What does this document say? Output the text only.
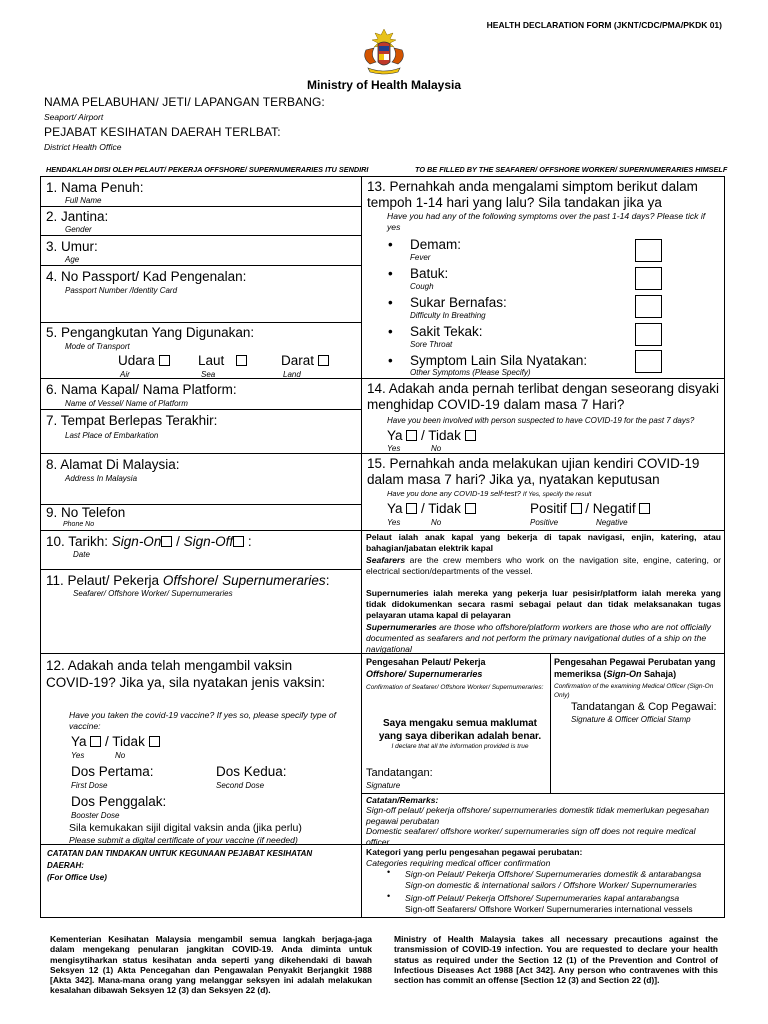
HEALTH DECLARATION FORM (JKNT/CDC/PMA/PKDK 01)
Ministry of Health Malaysia
NAMA PELABUHAN/ JETI/ LAPANGAN TERBANG:
Seaport/ Airport
PEJABAT KESIHATAN DAERAH TERLBAT:
District Health Office
HENDAKLAH DIISI OLEH PELAUT/ PEKERJA OFFSHORE/ SUPERNUMERARIES ITU SENDIRI	TO BE FILLED BY THE SEAFARER/ OFFSHORE WORKER/ SUPERNUMERARIES HIMSELF
1. Nama Penuh:
Full Name
2. Jantina:
Gender
3. Umur:
Age
4. No Passport/ Kad Pengenalan:
Passport Number /Identity Card
5. Pengangkutan Yang Digunakan:
Mode of Transport
Udara
Air
Laut
Sea
Darat
Land
6. Nama Kapal/ Nama Platform:
Name of Vessel/ Name of Platform
7. Tempat Berlepas Terakhir:
Last Place of Embarkation
8. Alamat Di Malaysia:
Address In Malaysia
9. No Telefon
Phone No
10. Tarikh: Sign-On / Sign-Off :
Date
11. Pelaut/ Pekerja Offshore/ Supernumeraries:
Seafarer/ Offshore Worker/ Supernumeraries
12. Adakah anda telah mengambil vaksin COVID-19? Jika ya, sila nyatakan jenis vaksin:
Have you taken the covid-19 vaccine? If yes so, please specify type of vaccine:
Ya / Tidak
Yes	No
Dos Pertama:
First Dose
Dos Kedua:
Second Dose
Dos Penggalak:
Booster Dose
Sila kemukakan sijil digital vaksin anda (jika perlu)
Please submit a digital certificate of your vaccine (if needed)
CATATAN DAN TINDAKAN UNTUK KEGUNAAN PEJABAT KESIHATAN DAERAH:
(For Office Use)
13. Pernahkah anda mengalami simptom berikut dalam tempoh 1-14 hari yang lalu? Sila tandakan jika ya
Have you had any of the following symptoms over the past 1-14 days? Please tick if yes
• Demam:
Fever
• Batuk:
Cough
• Sukar Bernafas:
Difficulty In Breathing
• Sakit Tekak:
Sore Throat
• Symptom Lain Sila Nyatakan:
Other Symptoms (Please Specify)
14. Adakah anda pernah terlibat dengan seseorang disyaki menghidap COVID-19 dalam masa 7 Hari?
Have you been involved with person suspected to have COVID-19 for the past 7 days?
Ya / Tidak
Yes	No
15. Pernahkah anda melakukan ujian kendiri COVID-19 dalam masa 7 hari? Jika ya, nyatakan keputusan
Have you done any COVID-19 self-test? If Yes, specify the result
Ya / Tidak	Positif / Negatif
Yes	No	Positive	Negative
Pelaut ialah anak kapal yang bekerja di tapak navigasi, enjin, katering, atau bahagian/jabatan elektrik kapal
Seafarers are the crew members who work on the navigation site, engine, catering, or electrical section/departments of the vessel.
Supernumeries ialah mereka yang pekerja luar pesisir/platform ialah mereka yang tidak didokumenkan secara rasmi sebagai pelaut dan tidak melaksanakan tugas pelayaran utama kapal di pelayaran
Supernumeraries are those who offshore/platform workers are those who are not officially documented as seafarers and not perform the primary navigational duties of a ship on the navigational
Pengesahan Pelaut/ Pekerja
Offshore/ Supernumeraries
Confirmation of Seafarer/ Offshore Worker/ Supernumeraries:
Saya mengaku semua maklumat yang saya diberikan adalah benar.
I declare that all the information provided is true
Tandatangan:
Signature
Pengesahan Pegawai Perubatan yang memeriksa (Sign-On Sahaja)
Confirmation of the examining Medical Officer (Sign-On Only)
Tandatangan & Cop Pegawai:
Signature & Officer Official Stamp
Catatan/Remarks:
Sign-off pelaut/ pekerja offshore/ supernumeraries domestik tidak memerlukan pegesahan pegawai perubatan
Domestic seafarer/ offshore worker/ supernumeraries sign off does not require medical officer
Kategori yang perlu pengesahan pegawai perubatan:
Categories requiring medical officer confirmation
• Sign-on Pelaut/ Pekerja Offshore/ Supernumeraries domestik & antarabangsa
Sign-on domestic & international sailors / Offshore Worker/ Supernumeraries
• Sign-off Pelaut/ Pekerja Offshore/ Supernumeraries kapal antarabangsa
Sign-off Seafarers/ Offshore Worker/ Supernumeraries international vessels
Kementerian Kesihatan Malaysia mengambil semua langkah berjaga-jaga dalam mengekang penularan jangkitan COVID-19. Anda diminta untuk mengisytiharkan status kesihatan anda seperti yang dikehendaki di bawah Seksyen 12 (1) Akta Pencegahan dan Pengawalan Penyakit Berjangkit 1988 [Akta 342]. Mana-mana orang yang melanggar seksyen ini adalah melakukan kesalahan dibawah Seksyen 12 (3) dan Seksyen 22 (d).
Ministry of Health Malaysia takes all necessary precautions against the transmission of COVID-19 infection. You are requested to declare your health status as required under the Section 12 (1) of the Prevention and Control of Infectious Diseases Act 1988 [Act 342]. Any person who contravenes with this section has commit an offense [Section 12 (3) and Section 22 (d)].
